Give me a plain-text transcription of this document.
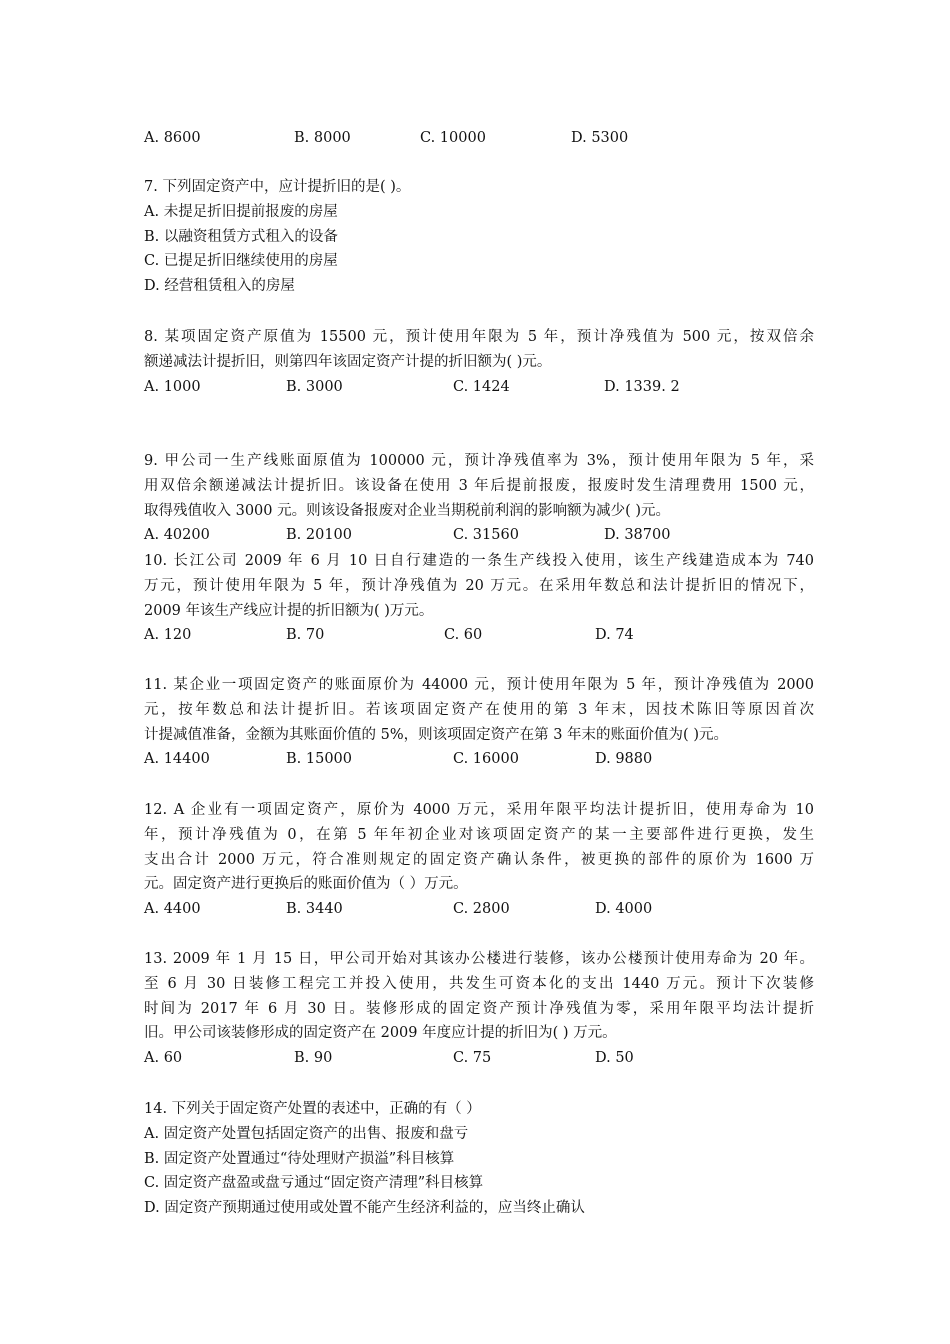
A. 8600	B. 8000	C. 10000	D. 5300
7. 下列固定资产中，应计提折旧的是( )。
A. 未提足折旧提前报废的房屋
B. 以融资租赁方式租入的设备
C. 已提足折旧继续使用的房屋
D. 经营租赁租入的房屋
8. 某项固定资产原值为 15500 元，预计使用年限为 5 年，预计净残值为 500 元，按双倍余
额递减法计提折旧，则第四年该固定资产计提的折旧额为( )元。
A. 1000	B. 3000	C. 1424	D. 1339. 2
9. 甲公司一生产线账面原值为 100000 元，预计净残值率为 3%，预计使用年限为 5 年，采
用双倍余额递减法计提折旧。该设备在使用 3 年后提前报废，报废时发生清理费用 1500 元，
取得残值收入 3000 元。则该设备报废对企业当期税前利润的影响额为减少( )元。
A. 40200	B. 20100	C. 31560	D. 38700
10. 长江公司 2009 年 6 月 10 日自行建造的一条生产线投入使用，该生产线建造成本为 740
万元，预计使用年限为 5 年，预计净残值为 20 万元。在采用年数总和法计提折旧的情况下，
2009 年该生产线应计提的折旧额为( )万元。
A. 120	B. 70	C. 60	D. 74
11. 某企业一项固定资产的账面原价为 44000 元，预计使用年限为 5 年，预计净残值为 2000
元，按年数总和法计提折旧。若该项固定资产在使用的第 3 年末，因技术陈旧等原因首次
计提减值准备，金额为其账面价值的 5%，则该项固定资产在第 3 年末的账面价值为( )元。
A. 14400	B. 15000	C. 16000	D. 9880
12. A 企业有一项固定资产，原价为 4000 万元，采用年限平均法计提折旧，使用寿命为 10
年，预计净残值为 0，在第 5 年年初企业对该项固定资产的某一主要部件进行更换，发生
支出合计 2000 万元，符合准则规定的固定资产确认条件，被更换的部件的原价为 1600 万
元。固定资产进行更换后的账面价值为（ ）万元。
A. 4400	B. 3440	C. 2800	D. 4000
13. 2009 年 1 月 15 日，甲公司开始对其该办公楼进行装修，该办公楼预计使用寿命为 20 年。
至 6 月 30 日装修工程完工并投入使用，共发生可资本化的支出 1440 万元。预计下次装修
时间为 2017 年 6 月 30 日。装修形成的固定资产预计净残值为零，采用年限平均法计提折
旧。甲公司该装修形成的固定资产在 2009 年度应计提的折旧为( ) 万元。
A. 60	B. 90	C. 75	D. 50
14. 下列关于固定资产处置的表述中，正确的有（ ）
A. 固定资产处置包括固定资产的出售、报废和盘亏
B. 固定资产处置通过“待处理财产损溢”科目核算
C. 固定资产盘盈或盘亏通过“固定资产清理”科目核算
D. 固定资产预期通过使用或处置不能产生经济利益的，应当终止确认
